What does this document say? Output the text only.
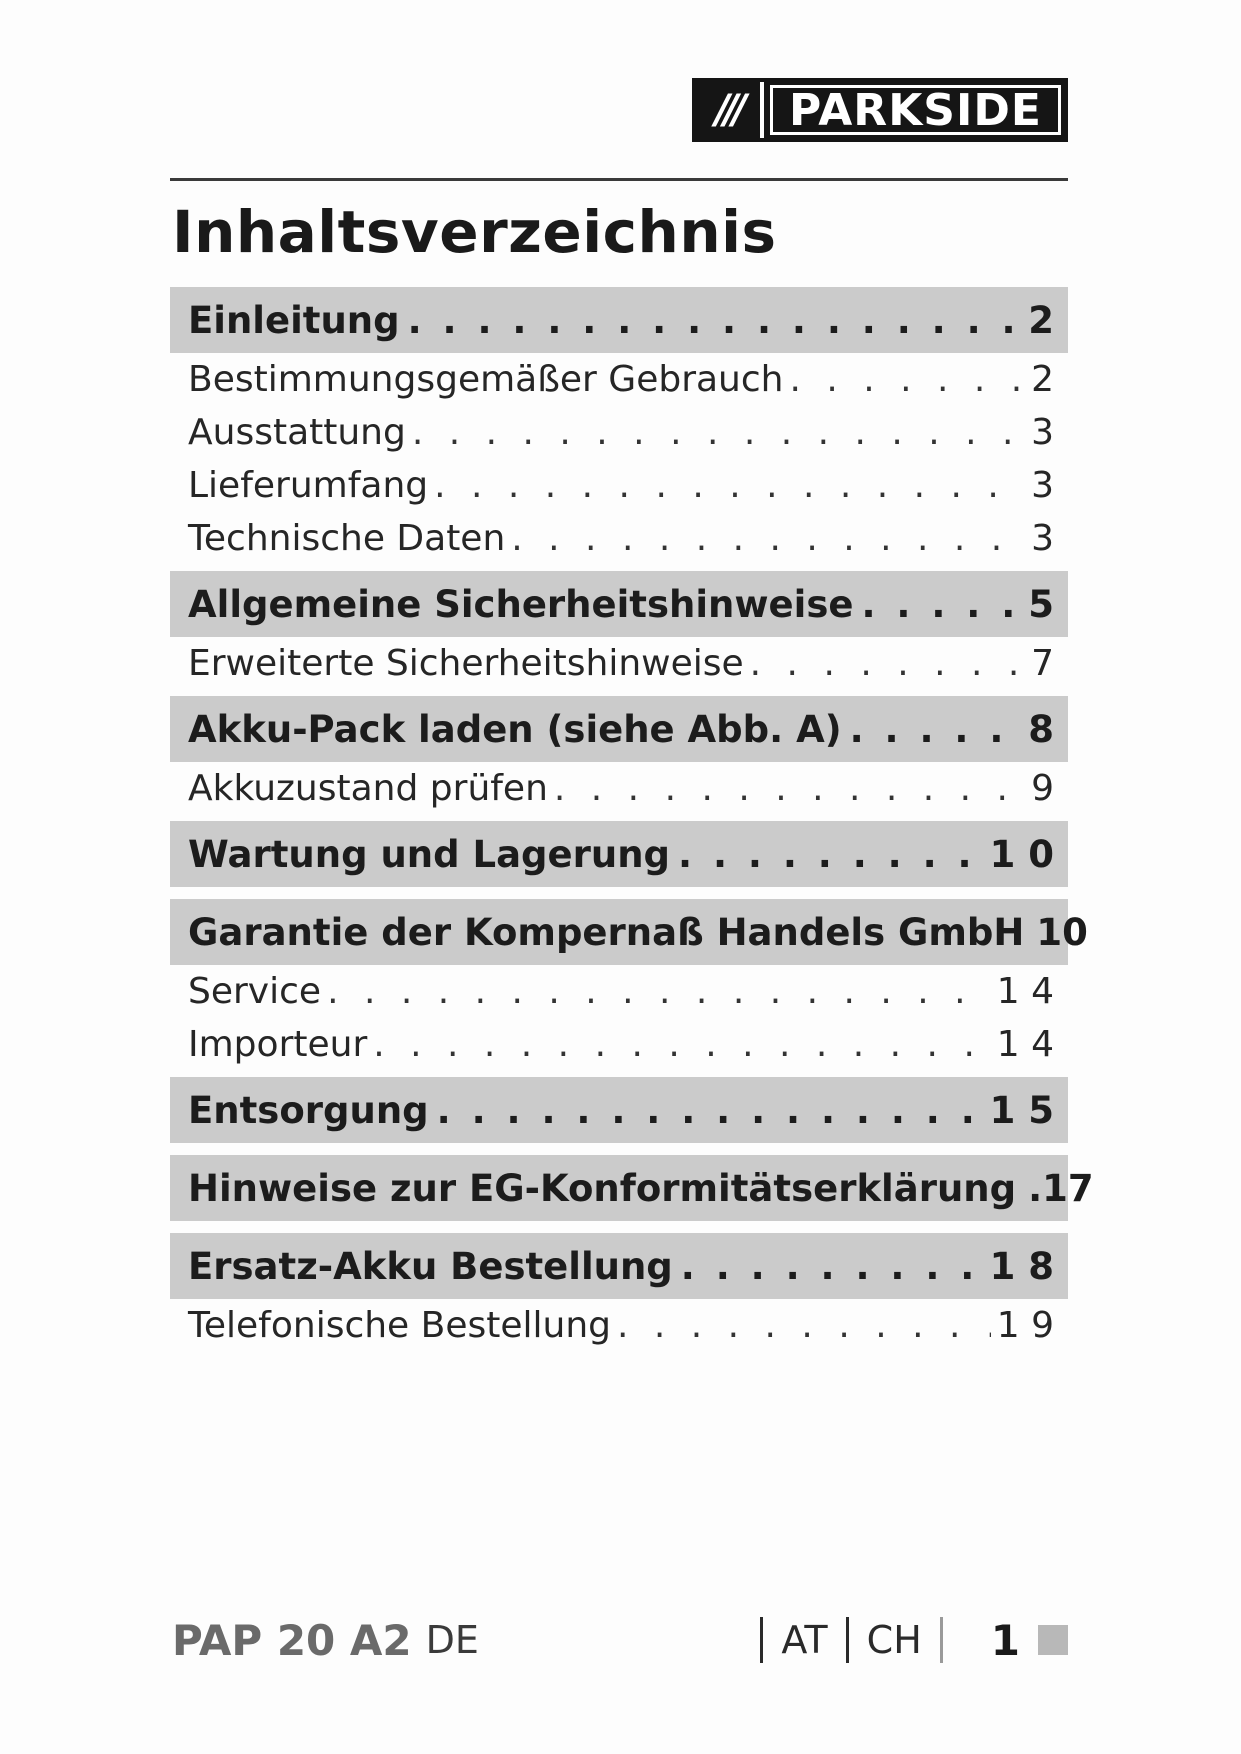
///	PARKSIDE
Inhaltsverzeichnis
Einleitung . . .	2
Bestimmungsgemäßer Gebrauch . . .	2
Ausstattung . . .	3
Lieferumfang . . .	3
Technische Daten . . .	3
Allgemeine Sicherheitshinweise . . .	5
Erweiterte Sicherheitshinweise . . .	7
Akku-Pack laden (siehe Abb. A) . . .	8
Akkuzustand prüfen . . .	9
Wartung und Lagerung . . .	1 0
Garantie der Kompernaß Handels GmbH 10
Service . . .	1 4
Importeur . . .	1 4
Entsorgung . . .	1 5
Hinweise zur EG-Konformitätserklärung .17
Ersatz-Akku Bestellung . . .	1 8
Telefonische Bestellung . . .	1 9
PAP 20 A2 DE	AT CH 1
